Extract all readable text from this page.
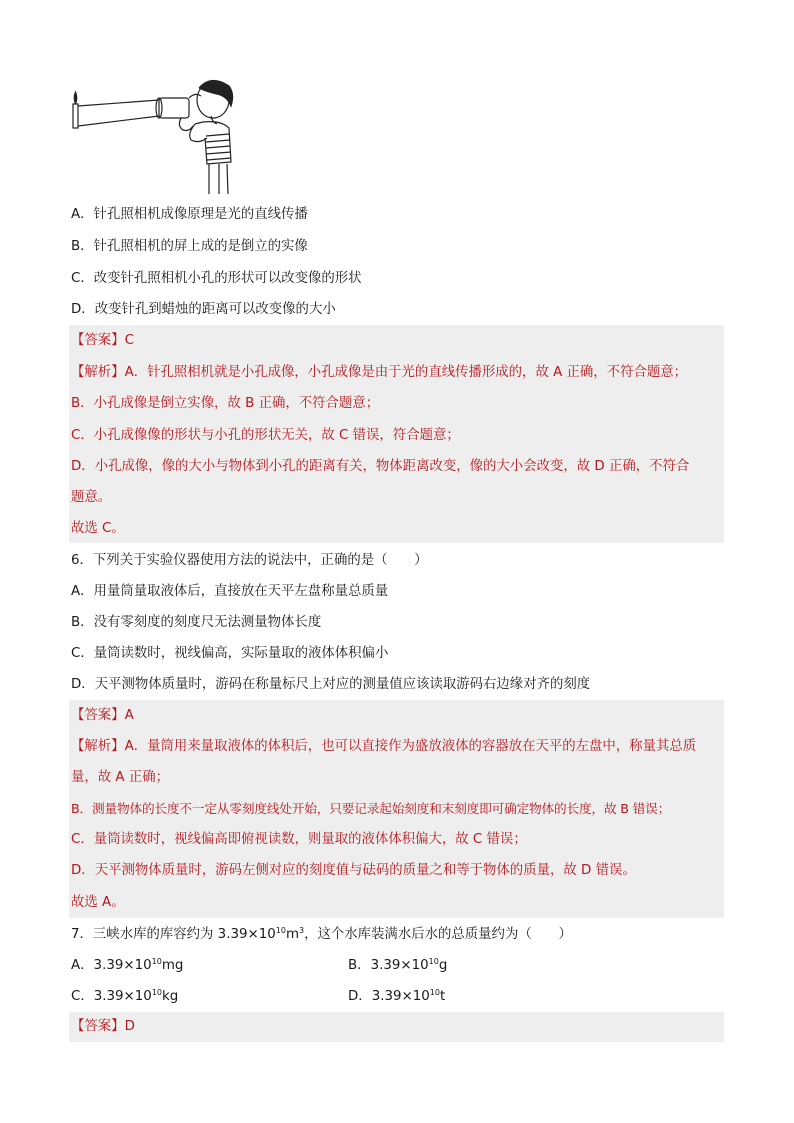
A．针孔照相机成像原理是光的直线传播
B．针孔照相机的屏上成的是倒立的实像
C．改变针孔照相机小孔的形状可以改变像的形状
D．改变针孔到蜡烛的距离可以改变像的大小
【答案】C
【解析】A．针孔照相机就是小孔成像，小孔成像是由于光的直线传播形成的，故 A 正确，不符合题意；
B．小孔成像是倒立实像，故 B 正确，不符合题意；
C．小孔成像像的形状与小孔的形状无关，故 C 错误，符合题意；
D．小孔成像，像的大小与物体到小孔的距离有关，物体距离改变，像的大小会改变，故 D 正确，不符合
题意。
故选 C。
6．下列关于实验仪器使用方法的说法中，正确的是（　　）
A．用量筒量取液体后，直接放在天平左盘称量总质量
B．没有零刻度的刻度尺无法测量物体长度
C．量筒读数时，视线偏高，实际量取的液体体积偏小
D．天平测物体质量时，游码在称量标尺上对应的测量值应该读取游码右边缘对齐的刻度
【答案】A
【解析】A．量筒用来量取液体的体积后，也可以直接作为盛放液体的容器放在天平的左盘中，称量其总质
量，故 A 正确；
B．测量物体的长度不一定从零刻度线处开始，只要记录起始刻度和末刻度即可确定物体的长度，故 B 错误；
C．量筒读数时，视线偏高即俯视读数，则量取的液体体积偏大，故 C 错误；
D．天平测物体质量时，游码左侧对应的刻度值与砝码的质量之和等于物体的质量，故 D 错误。
故选 A。
7．三峡水库的库容约为 $3.39\times 10^{10}m^3$，这个水库装满水后水的总质量约为（　　）
A．$3.39\times 10^{10}mg$	B．$3.39\times 10^{10}g$
C．$3.39\times 10^{10}kg$	D．$3.39\times 10^{10}t$
【答案】D
